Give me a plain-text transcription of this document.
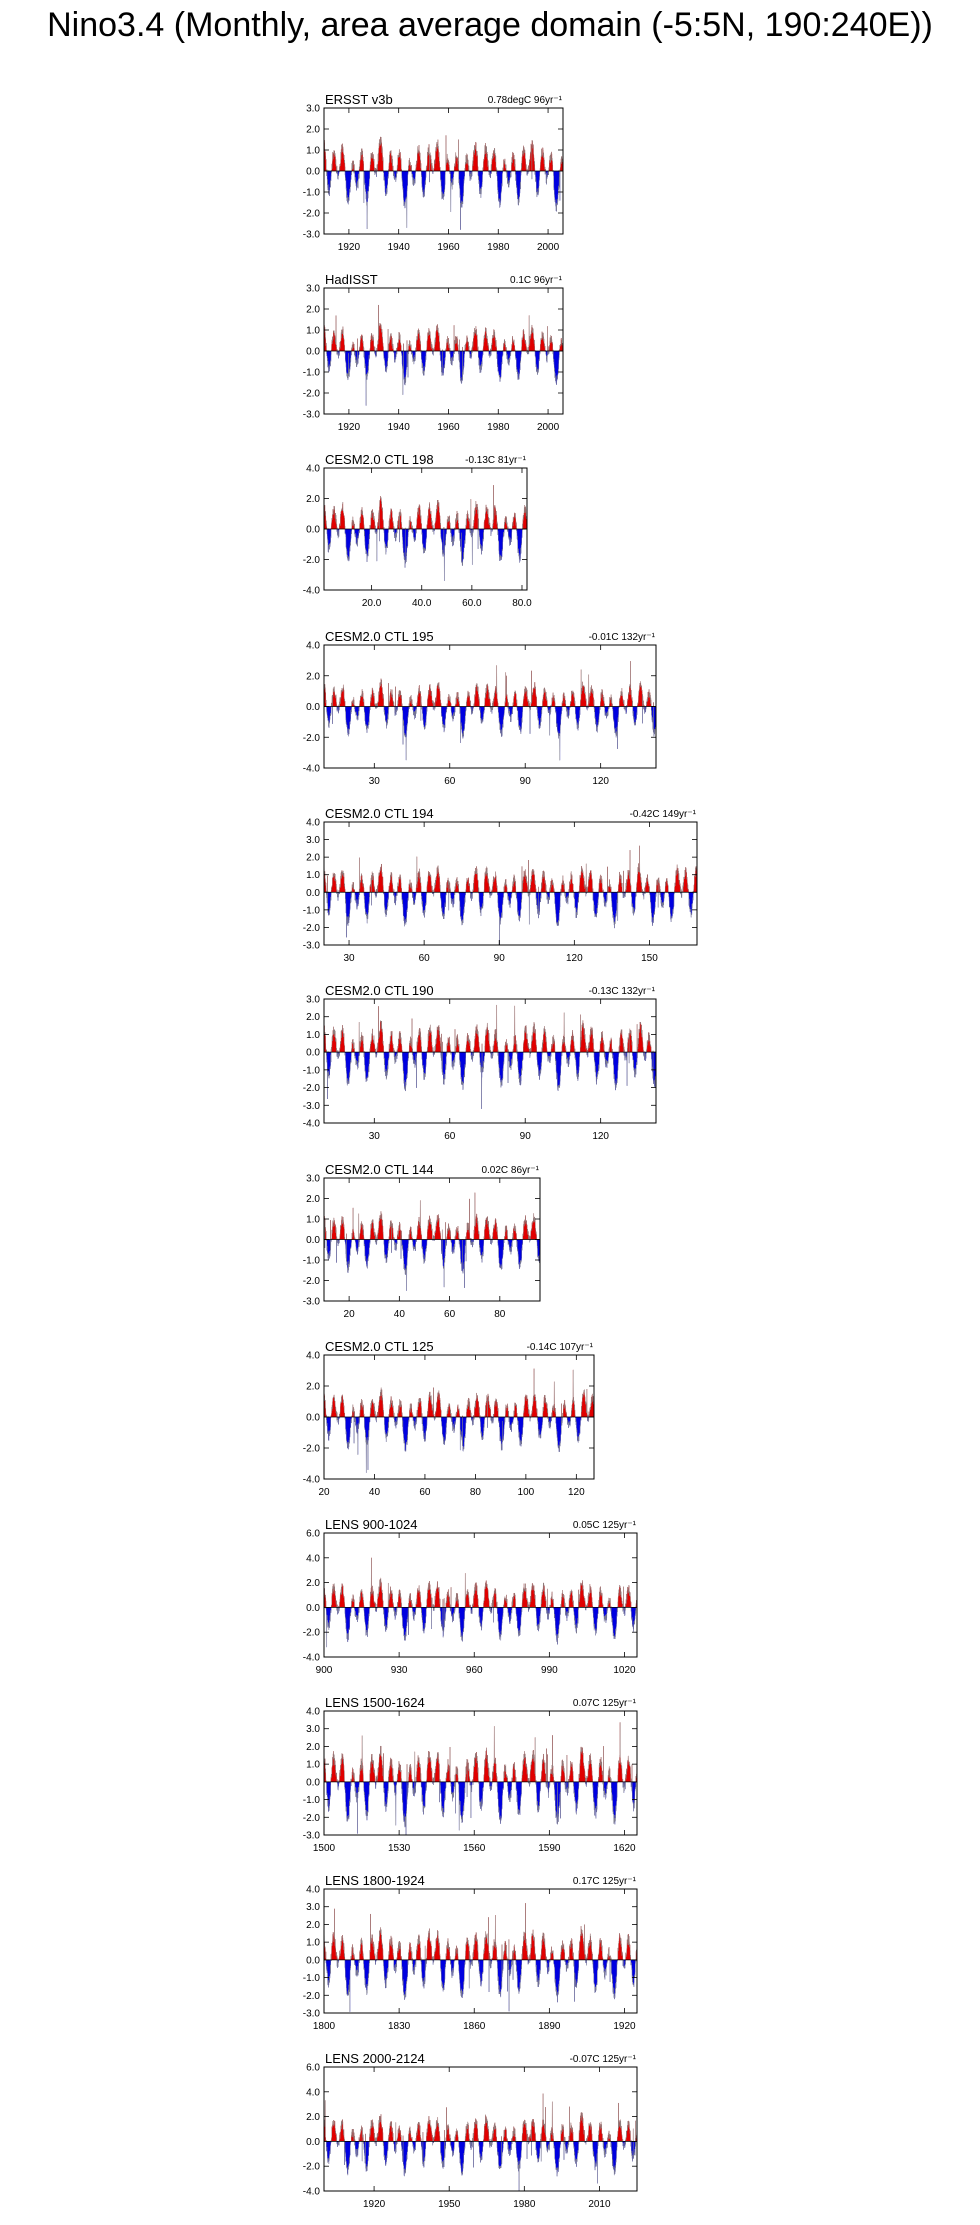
Nino3.4 (Monthly, area average domain (-5:5N, 190:240E))
3.0
2.0
1.0
0.0
-1.0
-2.0
-3.0
1920	1940	1960	1980	2000
ERSST v3b	0.78degC 96yr⁻¹
3.0
2.0
1.0
0.0
-1.0
-2.0
-3.0
1920	1940	1960	1980	2000
HadISST	0.1C 96yr⁻¹
4.0
2.0
0.0
-2.0
-4.0
20.0	40.0	60.0	80.0
CESM2.0 CTL 198	-0.13C 81yr⁻¹
4.0
2.0
0.0
-2.0
-4.0
30	60	90	120
CESM2.0 CTL 195	-0.01C 132yr⁻¹
4.0
3.0
2.0
1.0
0.0
-1.0
-2.0
-3.0
30	60	90	120	150
CESM2.0 CTL 194	-0.42C 149yr⁻¹
3.0
2.0
1.0
0.0
-1.0
-2.0
-3.0
-4.0
30	60	90	120
CESM2.0 CTL 190	-0.13C 132yr⁻¹
3.0
2.0
1.0
0.0
-1.0
-2.0
-3.0
20	40	60	80
CESM2.0 CTL 144	0.02C 86yr⁻¹
4.0
2.0
0.0
-2.0
-4.0
20	40	60	80	100	120
CESM2.0 CTL 125	-0.14C 107yr⁻¹
6.0
4.0
2.0
0.0
-2.0
-4.0
900	930	960	990	1020
LENS 900-1024	0.05C 125yr⁻¹
4.0
3.0
2.0
1.0
0.0
-1.0
-2.0
-3.0
1500	1530	1560	1590	1620
LENS 1500-1624	0.07C 125yr⁻¹
4.0
3.0
2.0
1.0
0.0
-1.0
-2.0
-3.0
1800	1830	1860	1890	1920
LENS 1800-1924	0.17C 125yr⁻¹
6.0
4.0
2.0
0.0
-2.0
-4.0
1920	1950	1980	2010
LENS 2000-2124	-0.07C 125yr⁻¹
